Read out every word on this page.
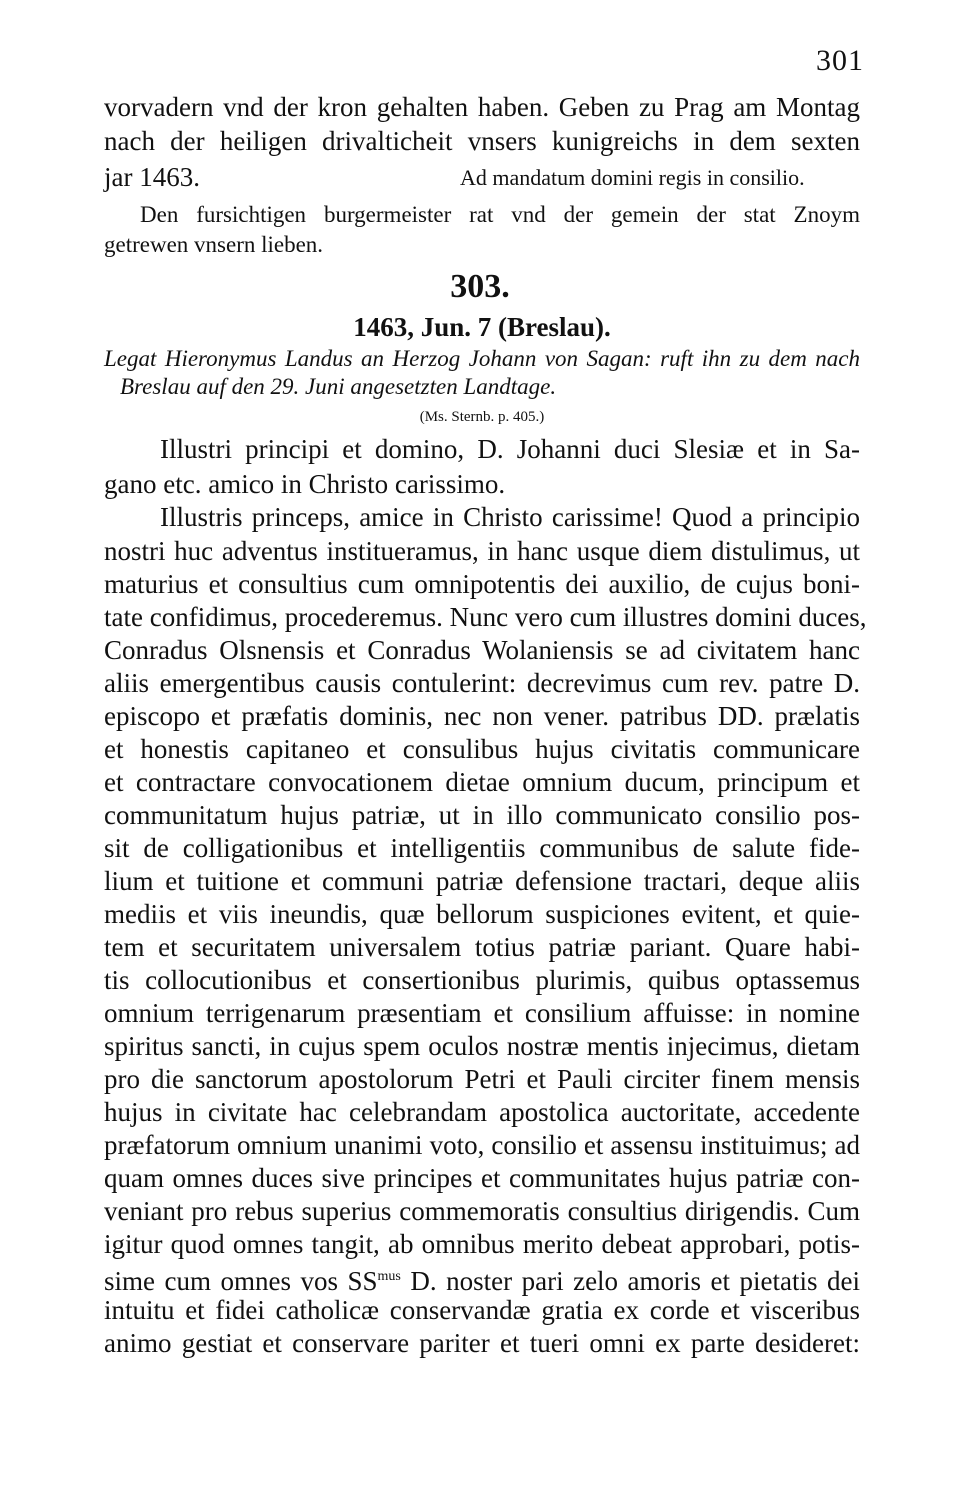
301
vorvadern vnd der kron gehalten haben. Geben zu Prag am Montag
nach der heiligen drivalticheit vnsers kunigreichs in dem sexten
jar 1463.	Ad mandatum domini regis in consilio.
Den fursichtigen burgermeister rat vnd der gemein der stat Znoym
getrewen vnsern lieben.
303.
1463, Jun. 7 (Breslau).
Legat Hieronymus Landus an Herzog Johann von Sagan: ruft ihn zu dem nach
Breslau auf den 29. Juni angesetzten Landtage.
(Ms. Sternb. p. 405.)
Illustri principi et domino, D. Johanni duci Slesiæ et in Sa-
gano etc. amico in Christo carissimo.
Illustris princeps, amice in Christo carissime! Quod a principio
nostri huc adventus instituеramus, in hanc usque diem distulimus, ut
maturius et consultius cum omnipotentis dei auxilio, de cujus boni-
tate confidimus, procederemus. Nunc vero cum illustres domini duces,
Conradus Olsnensis et Conradus Wolaniensis se ad civitatem hanc
aliis emergentibus causis contulerint: decrevimus cum rev. patre D.
episcopo et præfatis dominis, nec non vener. patribus DD. prælatis
et honestis capitaneo et consulibus hujus civitatis communicare
et contractare convocationem dietae omnium ducum, principum et
communitatum hujus patriæ, ut in illo communicato consilio pos-
sit de colligationibus et intelligentiis communibus de salute fide-
lium et tuitione et communi patriæ defensione tractari, deque aliis
mediis et viis ineundis, quæ bellorum suspiciones evitent, et quie-
tem et securitatem universalem totius patriæ pariant. Quare habi-
tis collocutionibus et consertionibus plurimis, quibus optassemus
omnium terrigenarum præsentiam et consilium affuisse: in nomine
spiritus sancti, in cujus spem oculos nostræ mentis injecimus, dietam
pro die sanctorum apostolorum Petri et Pauli circiter finem mensis
hujus in civitate hac celebrandam apostolica auctoritate, accedente
præfatorum omnium unanimi voto, consilio et assensu instituimus; ad
quam omnes duces sive principes et communitates hujus patriæ con-
veniant pro rebus superius commemoratis consultius dirigendis. Cum
igitur quod omnes tangit, ab omnibus merito debeat approbari, potis-
sime cum omnes vos $SS^{mus}$ D. noster pari zelo amoris et pietatis dei
intuitu et fidei catholicæ conservandæ gratia ex corde et visceribus
animo gestiat et conservare pariter et tueri omni ex parte desideret:
